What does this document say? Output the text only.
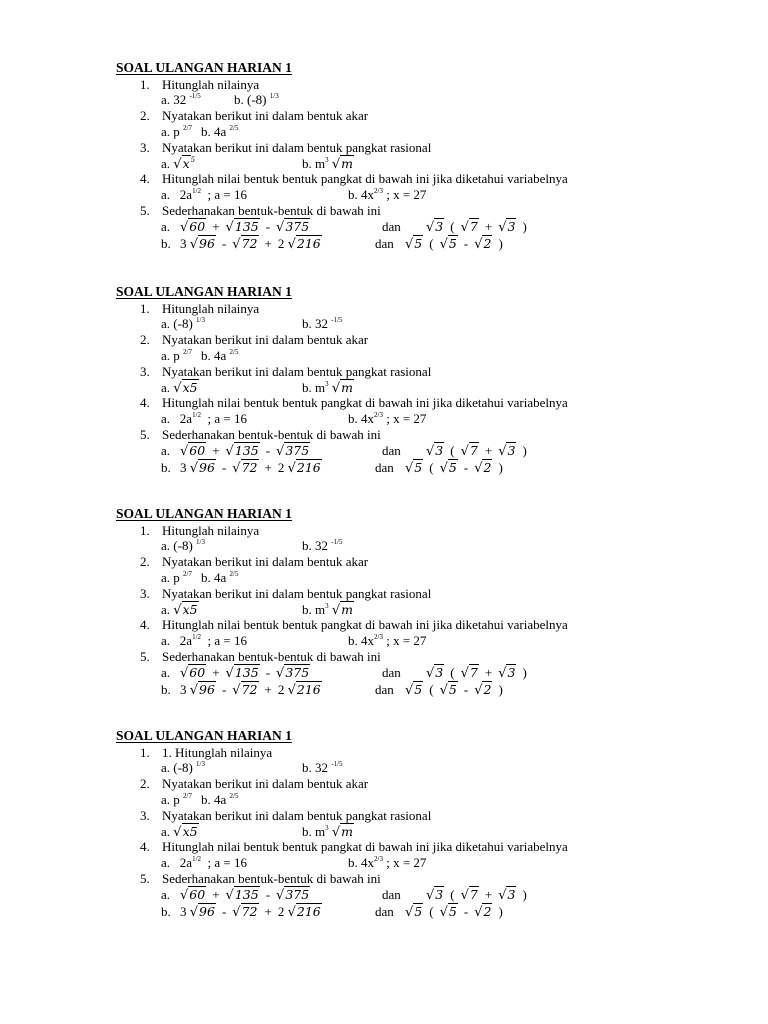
SOAL ULANGAN HARIAN 1
1. Hitunglah nilainya
a. 32 $^{-1/5}$	b. (-8) $^{1/3}$
2. Nyatakan berikut ini dalam bentuk akar
a. p $^{2/7}$ b. 4a $^{2/5}$
3. Nyatakan berikut ini dalam bentuk pangkat rasional
a. $√x^5$	b. $m^3$ √m
4. Hitunglah nilai bentuk bentuk pangkat di bawah ini jika diketahui variabelnya
a. $2a^{1/2}$ ; a = 16	b. $4x^{2/3}$ ; x = 27
5. Sederhanakan bentuk-bentuk di bawah ini
a. √60 + √135 - √375	dan √3 ( √7 + √3 )
b. 3 √96 - √72 + 2 √216	dan √5 ( √5 - √2 )
SOAL ULANGAN HARIAN 1
1. Hitunglah nilainya
a. (-8) $^{1/3}$	b. 32 $^{-1/5}$
2. Nyatakan berikut ini dalam bentuk akar
a. p $^{2/7}$ b. 4a $^{2/5}$
3. Nyatakan berikut ini dalam bentuk pangkat rasional
a. √x5	b. $m^3$ √m
4. Hitunglah nilai bentuk bentuk pangkat di bawah ini jika diketahui variabelnya
a. $2a^{1/2}$ ; a = 16	b. $4x^{2/3}$ ; x = 27
5. Sederhanakan bentuk-bentuk di bawah ini
a. √60 + √135 - √375	dan √3 ( √7 + √3 )
b. 3 √96 - √72 + 2 √216	dan √5 ( √5 - √2 )
SOAL ULANGAN HARIAN 1
1. Hitunglah nilainya
a. (-8) $^{1/3}$	b. 32 $^{-1/5}$
2. Nyatakan berikut ini dalam bentuk akar
a. p $^{2/7}$ b. 4a $^{2/5}$
3. Nyatakan berikut ini dalam bentuk pangkat rasional
a. √x5	b. $m^3$ √m
4. Hitunglah nilai bentuk bentuk pangkat di bawah ini jika diketahui variabelnya
a. $2a^{1/2}$ ; a = 16	b. $4x^{2/3}$ ; x = 27
5. Sederhanakan bentuk-bentuk di bawah ini
a. √60 + √135 - √375	dan √3 ( √7 + √3 )
b. 3 √96 - √72 + 2 √216	dan √5 ( √5 - √2 )
SOAL ULANGAN HARIAN 1
1. 1. Hitunglah nilainya
a. (-8) $^{1/3}$	b. 32 $^{-1/5}$
2. Nyatakan berikut ini dalam bentuk akar
a. p $^{2/7}$ b. 4a $^{2/5}$
3. Nyatakan berikut ini dalam bentuk pangkat rasional
a. √x5	b. $m^3$ √m
4. Hitunglah nilai bentuk bentuk pangkat di bawah ini jika diketahui variabelnya
a. $2a^{1/2}$ ; a = 16	b. $4x^{2/3}$ ; x = 27
5. Sederhanakan bentuk-bentuk di bawah ini
a. √60 + √135 - √375	dan √3 ( √7 + √3 )
b. 3 √96 - √72 + 2 √216	dan √5 ( √5 - √2 )
